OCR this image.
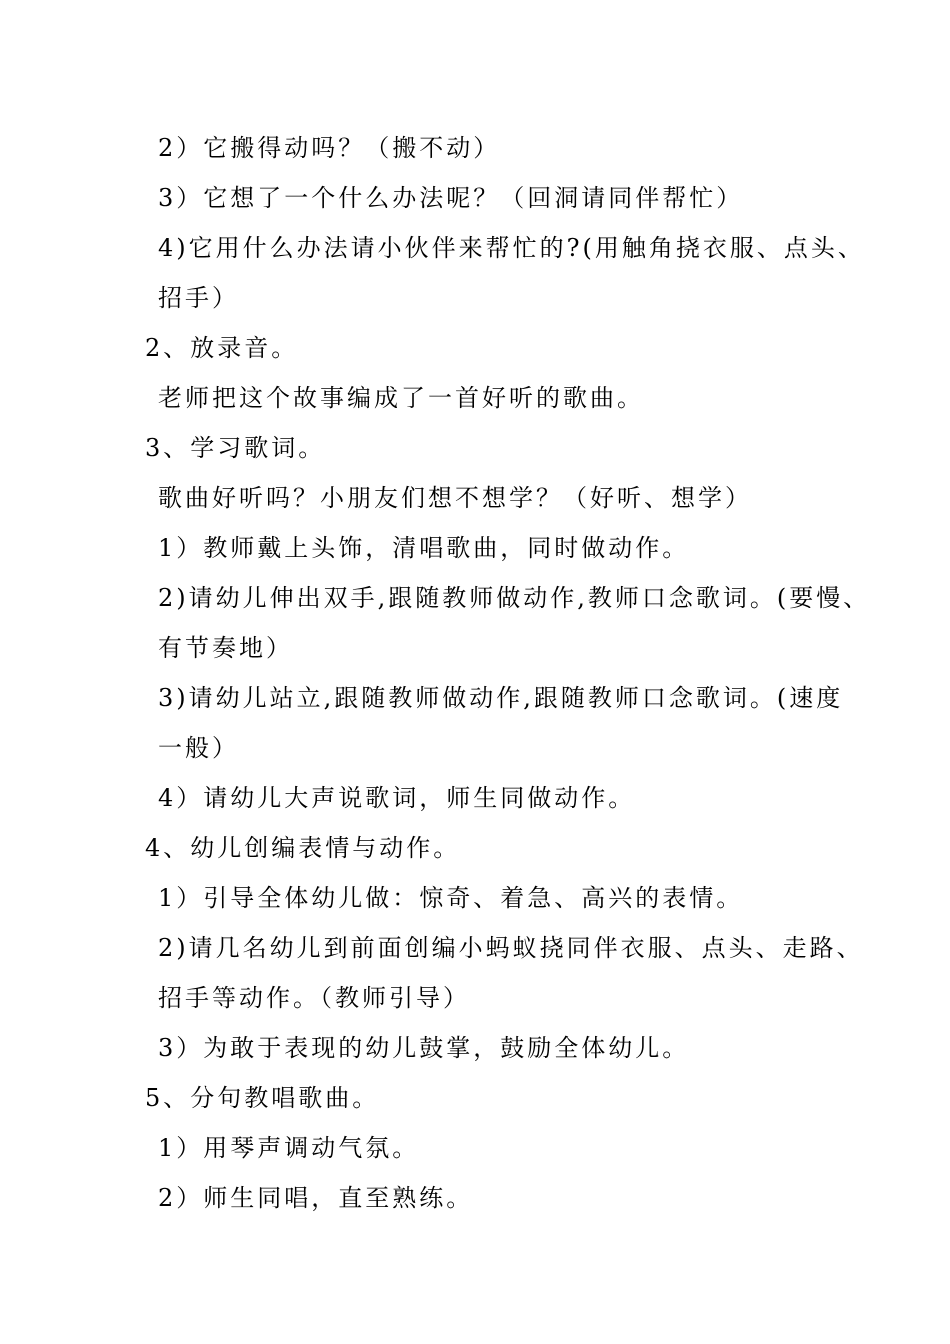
2）它搬得动吗？（搬不动）
3）它想了一个什么办法呢？（回洞请同伴帮忙）
4)它用什么办法请小伙伴来帮忙的?(用触角挠衣服、点头、
招手）
2、放录音。
老师把这个故事编成了一首好听的歌曲。
3、学习歌词。
歌曲好听吗？小朋友们想不想学？（好听、想学）
1）教师戴上头饰，清唱歌曲，同时做动作。
2)请幼儿伸出双手,跟随教师做动作,教师口念歌词。(要慢、
有节奏地）
3)请幼儿站立,跟随教师做动作,跟随教师口念歌词。(速度
一般）
4）请幼儿大声说歌词，师生同做动作。
4、幼儿创编表情与动作。
1）引导全体幼儿做：惊奇、着急、高兴的表情。
2)请几名幼儿到前面创编小蚂蚁挠同伴衣服、点头、走路、
招手等动作。（教师引导）
3）为敢于表现的幼儿鼓掌，鼓励全体幼儿。
5、分句教唱歌曲。
1）用琴声调动气氛。
2）师生同唱，直至熟练。
